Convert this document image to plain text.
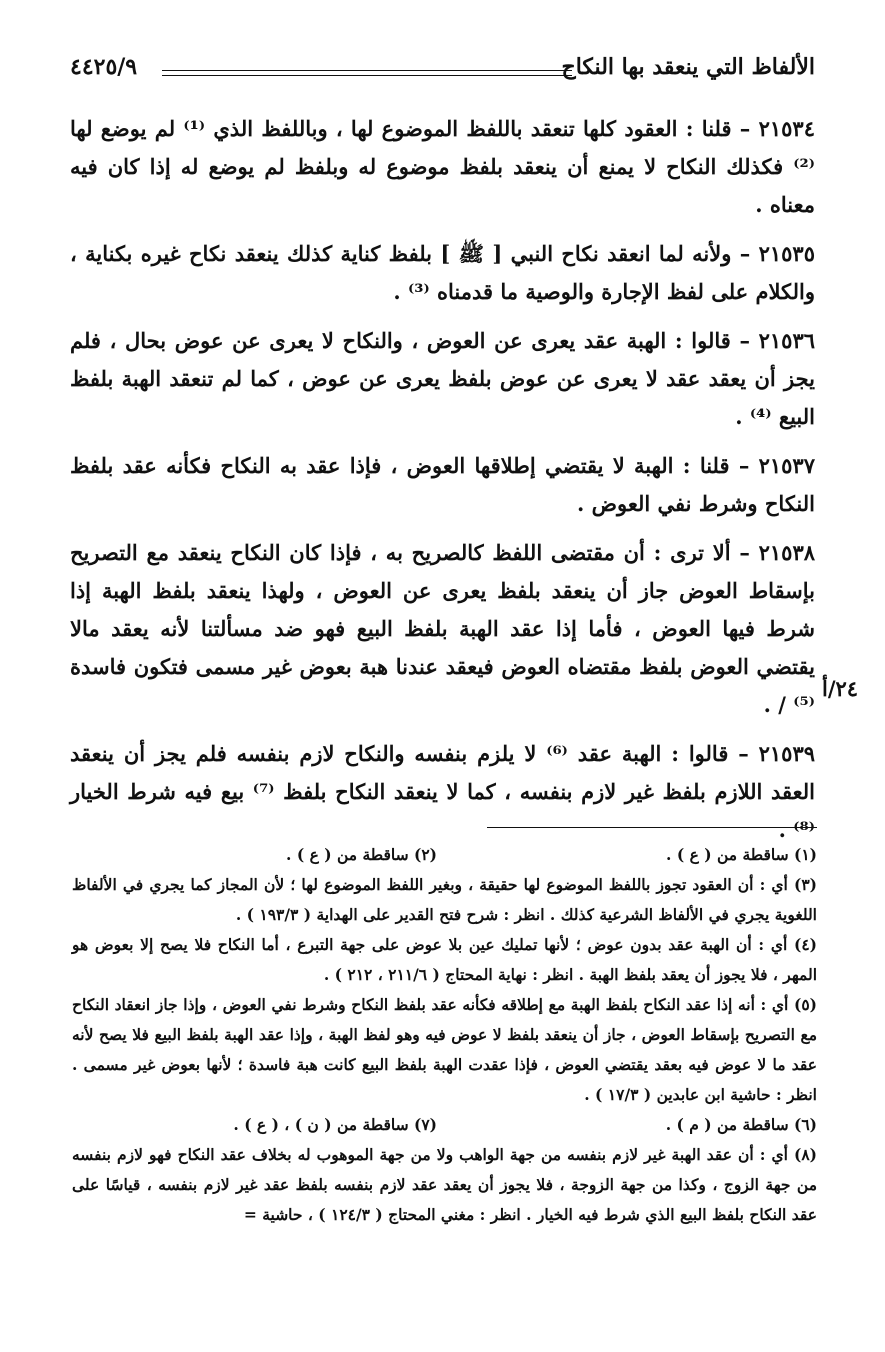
الألفاظ التي ينعقد بها النكاح
٤٤٢٥/٩

٢١٥٣٤ – قلنا : العقود كلها تنعقد باللفظ الموضوع لها ، وباللفظ الذي ⁽¹⁾ لم يوضع لها ⁽²⁾ فكذلك النكاح لا يمنع أن ينعقد بلفظ موضوع له وبلفظ لم يوضع له إذا كان فيه معناه .

٢١٥٣٥ – ولأنه لما انعقد نكاح النبي [ ﷺ ] بلفظ كناية كذلك ينعقد نكاح غيره بكناية ، والكلام على لفظ الإجارة والوصية ما قدمناه ⁽³⁾ .

٢١٥٣٦ – قالوا : الهبة عقد يعرى عن العوض ، والنكاح لا يعرى عن عوض بحال ، فلم يجز أن يعقد عقد لا يعرى عن عوض بلفظ يعرى عن عوض ، كما لم تنعقد الهبة بلفظ البيع ⁽⁴⁾ .

٢١٥٣٧ – قلنا : الهبة لا يقتضي إطلاقها العوض ، فإذا عقد به النكاح فكأنه عقد بلفظ النكاح وشرط نفي العوض .

٢١٥٣٨ – ألا ترى : أن مقتضى اللفظ كالصريح به ، فإذا كان النكاح ينعقد مع التصريح بإسقاط العوض جاز أن ينعقد بلفظ يعرى عن العوض ، ولهذا ينعقد بلفظ الهبة إذا شرط فيها العوض ، فأما إذا عقد الهبة بلفظ البيع فهو ضد مسألتنا لأنه يعقد مالا يقتضي العوض بلفظ مقتضاه العوض فيعقد عندنا هبة بعوض غير مسمى فتكون فاسدة ⁽⁵⁾ / .

٢١٥٣٩ – قالوا : الهبة عقد ⁽⁶⁾ لا يلزم بنفسه والنكاح لازم بنفسه فلم يجز أن ينعقد العقد اللازم بلفظ غير لازم بنفسه ، كما لا ينعقد النكاح بلفظ ⁽⁷⁾ بيع فيه شرط الخيار ⁽⁸⁾ .

٢٤/أ
(١) ساقطة من ( ع ) .
(٢) ساقطة من ( ع ) .

(٣) أي : أن العقود تجوز باللفظ الموضوع لها حقيقة ، وبغير اللفظ الموضوع لها ؛ لأن المجاز كما يجري في الألفاظ اللغوية يجري في الألفاظ الشرعية كذلك . انظر : شرح فتح القدير على الهداية ( ١٩٣/٣ ) .

(٤) أي : أن الهبة عقد بدون عوض ؛ لأنها تمليك عين بلا عوض على جهة التبرع ، أما النكاح فلا يصح إلا بعوض هو المهر ، فلا يجوز أن يعقد بلفظ الهبة . انظر : نهاية المحتاج ( ٢١١/٦ ، ٢١٢ ) .

(٥) أي : أنه إذا عقد النكاح بلفظ الهبة مع إطلاقه فكأنه عقد بلفظ النكاح وشرط نفي العوض ، وإذا جاز انعقاد النكاح مع التصريح بإسقاط العوض ، جاز أن ينعقد بلفظ لا عوض فيه وهو لفظ الهبة ، وإذا عقد الهبة بلفظ البيع فلا يصح لأنه عقد ما لا عوض فيه بعقد يقتضي العوض ، فإذا عقدت الهبة بلفظ البيع كانت هبة فاسدة ؛ لأنها بعوض غير مسمى . انظر : حاشية ابن عابدين ( ١٧/٣ ) .

(٦) ساقطة من ( م ) .
(٧) ساقطة من ( ن ) ، ( ع ) .

(٨) أي : أن عقد الهبة غير لازم بنفسه من جهة الواهب ولا من جهة الموهوب له بخلاف عقد النكاح فهو لازم بنفسه من جهة الزوج ، وكذا من جهة الزوجة ، فلا يجوز أن يعقد عقد لازم بنفسه بلفظ عقد غير لازم بنفسه ، قياسًا على عقد النكاح بلفظ البيع الذي شرط فيه الخيار . انظر : مغني المحتاج ( ١٢٤/٣ ) ، حاشية =
